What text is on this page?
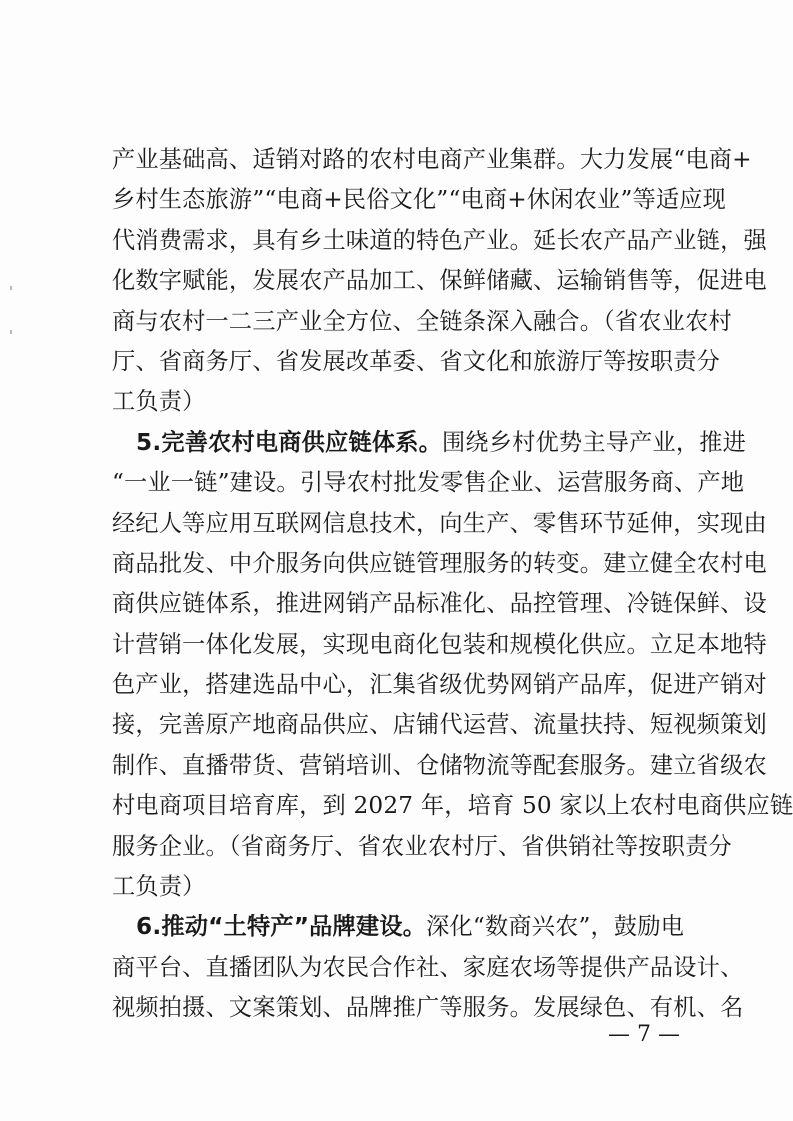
产业基础高、适销对路的农村电商产业集群。大力发展“电商+
乡村生态旅游”“电商+民俗文化”“电商+休闲农业”等适应现
代消费需求，具有乡土味道的特色产业。延长农产品产业链，强
化数字赋能，发展农产品加工、保鲜储藏、运输销售等，促进电
商与农村一二三产业全方位、全链条深入融合。（省农业农村
厅、省商务厅、省发展改革委、省文化和旅游厅等按职责分
工负责）
5.完善农村电商供应链体系。围绕乡村优势主导产业，推进
“一业一链”建设。引导农村批发零售企业、运营服务商、产地
经纪人等应用互联网信息技术，向生产、零售环节延伸，实现由
商品批发、中介服务向供应链管理服务的转变。建立健全农村电
商供应链体系，推进网销产品标准化、品控管理、冷链保鲜、设
计营销一体化发展，实现电商化包装和规模化供应。立足本地特
色产业，搭建选品中心，汇集省级优势网销产品库，促进产销对
接，完善原产地商品供应、店铺代运营、流量扶持、短视频策划
制作、直播带货、营销培训、仓储物流等配套服务。建立省级农
村电商项目培育库，到 2027 年，培育 50 家以上农村电商供应链
服务企业。（省商务厅、省农业农村厅、省供销社等按职责分
工负责）
6.推动“土特产”品牌建设。深化“数商兴农”，鼓励电
商平台、直播团队为农民合作社、家庭农场等提供产品设计、
视频拍摄、文案策划、品牌推广等服务。发展绿色、有机、名
— 7 —
